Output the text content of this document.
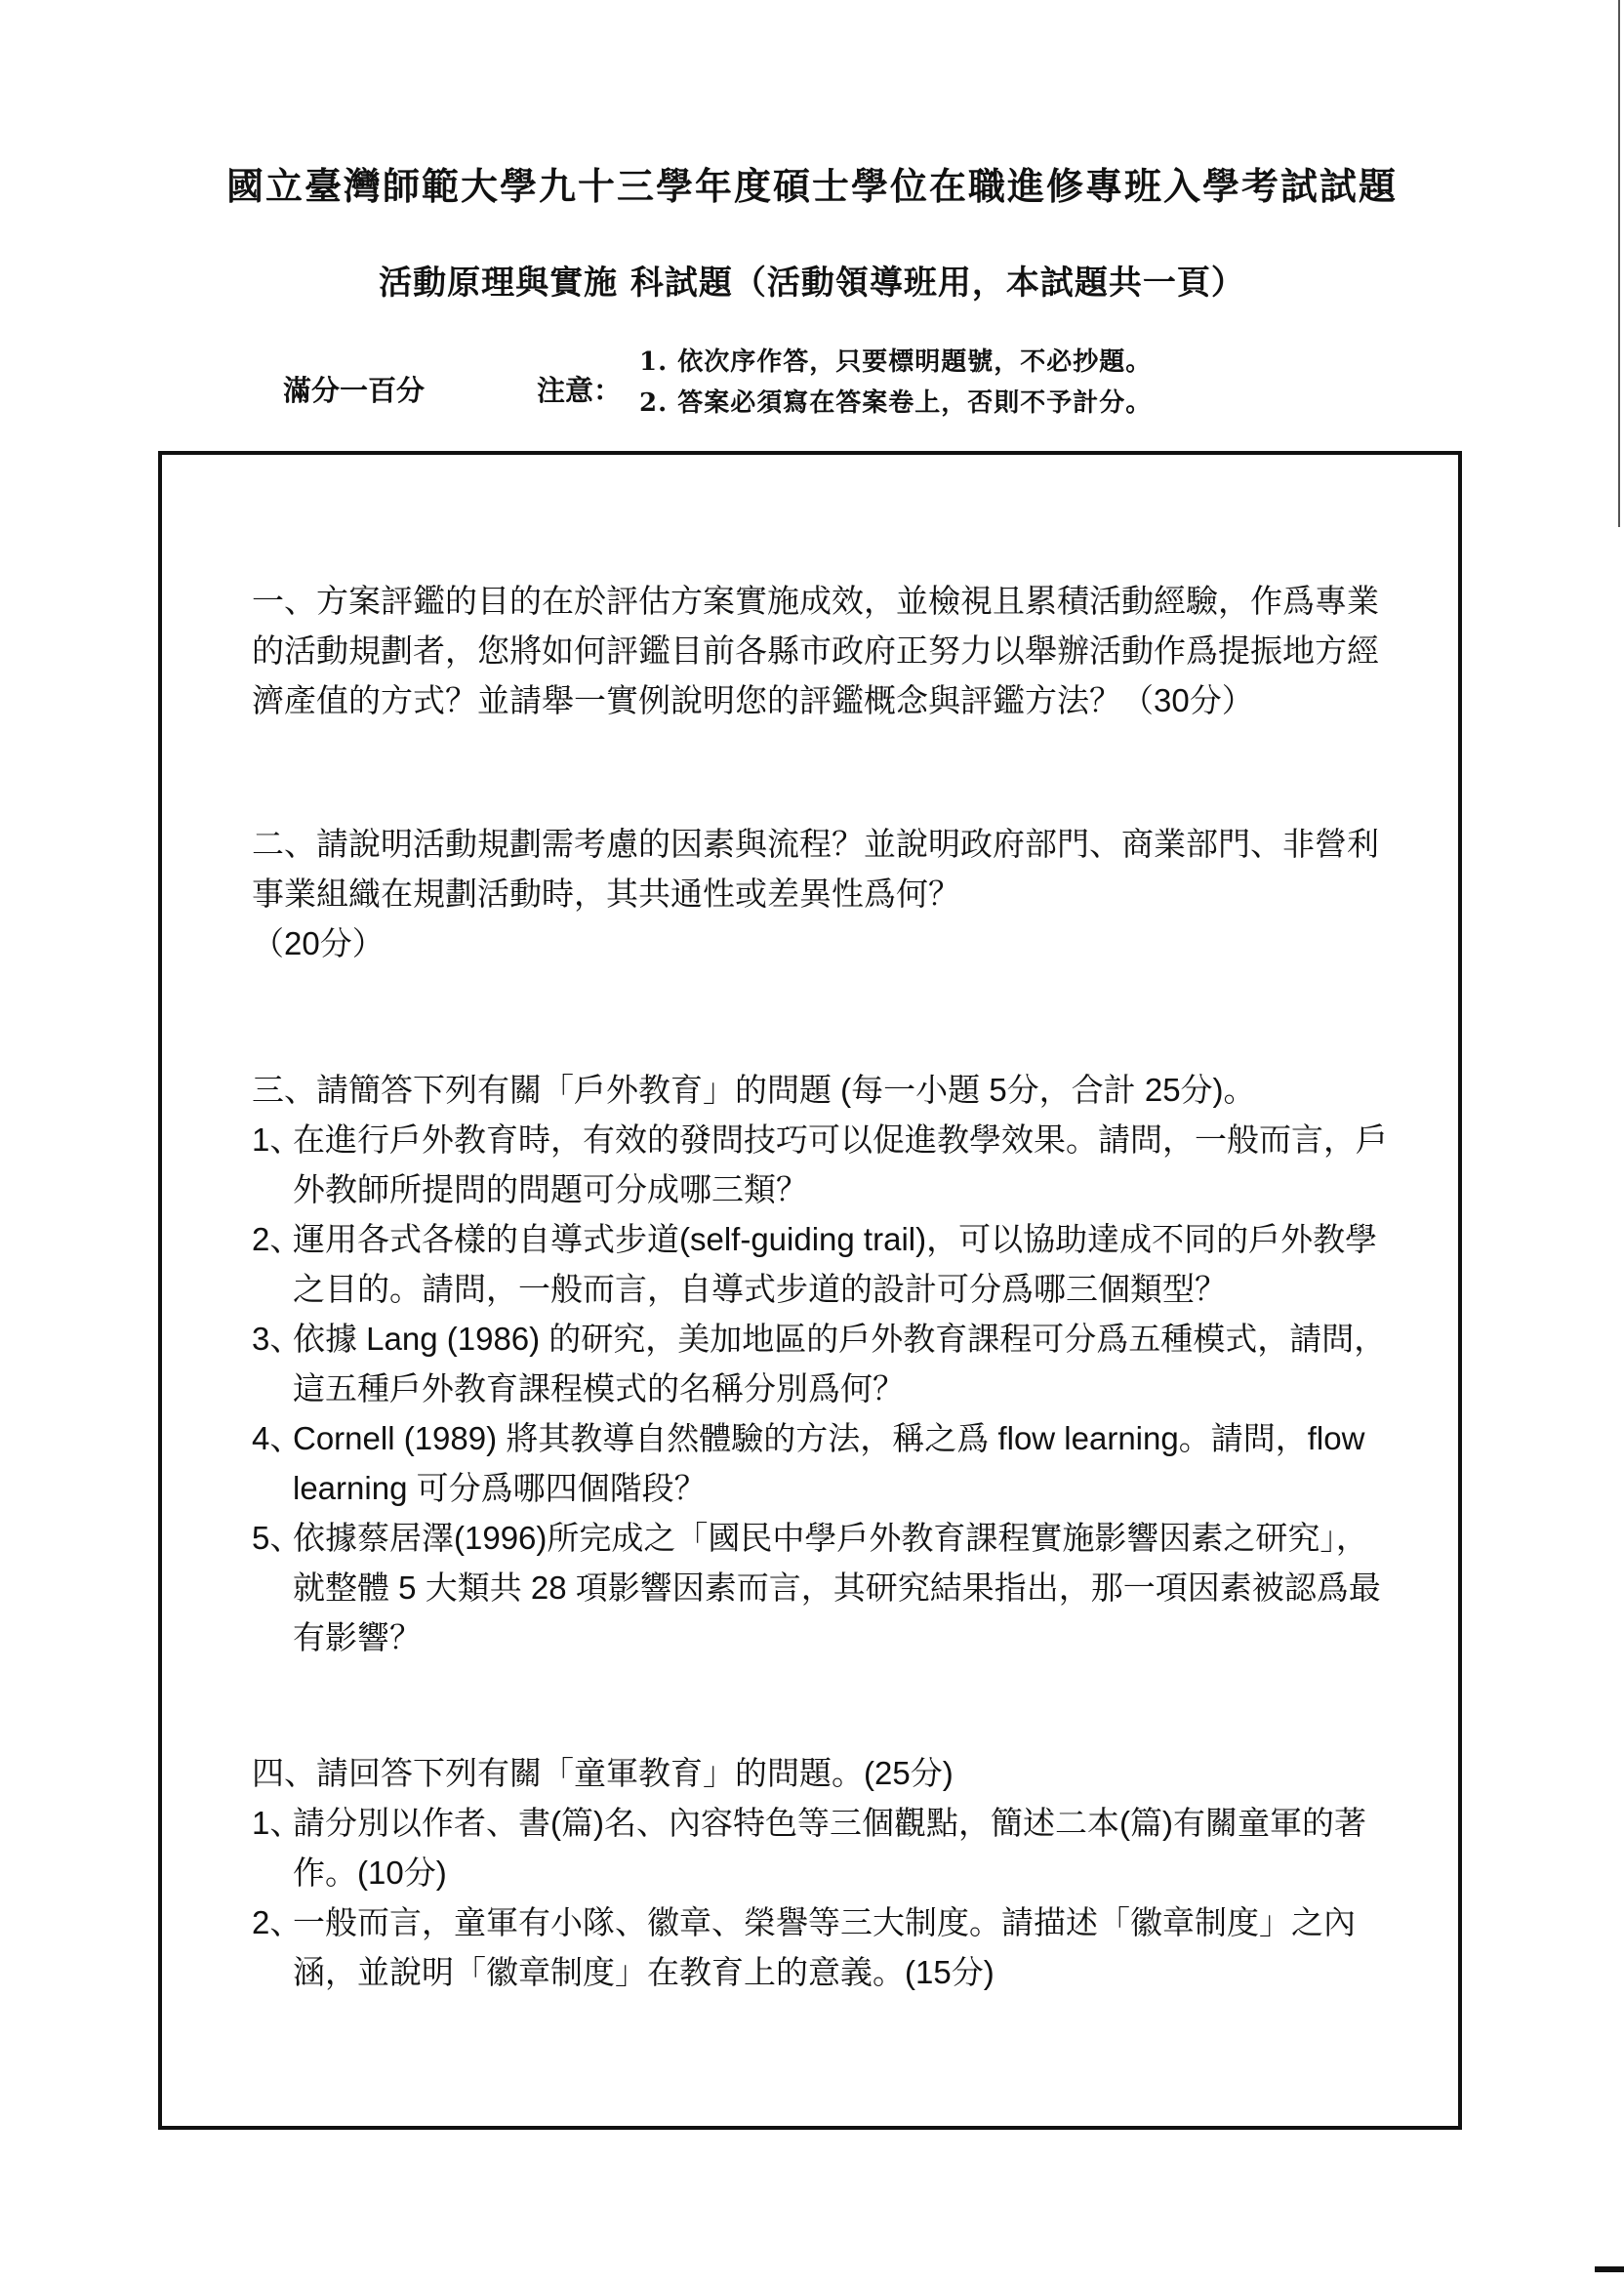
國立臺灣師範大學九十三學年度碩士學位在職進修專班入學考試試題
活動原理與實施 科試題（活動領導班用，本試題共一頁）
滿分一百分	注意：
1. 依次序作答，只要標明題號，不必抄題。
2. 答案必須寫在答案卷上，否則不予計分。
一、方案評鑑的目的在於評估方案實施成效，並檢視且累積活動經驗，作爲專業的活動規劃者，您將如何評鑑目前各縣市政府正努力以舉辦活動作爲提振地方經濟產值的方式？並請舉一實例說明您的評鑑概念與評鑑方法？（30分）
二、請說明活動規劃需考慮的因素與流程？並說明政府部門、商業部門、非營利事業組織在規劃活動時，其共通性或差異性爲何？
（20分）
三、請簡答下列有關「戶外教育」的問題 (每一小題 5分，合計 25分)。
1、
在進行戶外教育時，有效的發問技巧可以促進教學效果。請問，一般而言，戶外教師所提問的問題可分成哪三類？
2、
運用各式各樣的自導式步道(self-guiding trail)，可以協助達成不同的戶外教學之目的。請問，一般而言，自導式步道的設計可分爲哪三個類型？
3、
依據 Lang (1986) 的研究，美加地區的戶外教育課程可分爲五種模式，請問，這五種戶外教育課程模式的名稱分別爲何？
4、
Cornell (1989) 將其教導自然體驗的方法，稱之爲 flow learning。請問，flow learning 可分爲哪四個階段？
5、
依據蔡居澤(1996)所完成之「國民中學戶外教育課程實施影響因素之研究」，就整體 5 大類共 28 項影響因素而言，其研究結果指出，那一項因素被認爲最有影響？
四、請回答下列有關「童軍教育」的問題。(25分)
1、
請分別以作者、書(篇)名、內容特色等三個觀點，簡述二本(篇)有關童軍的著作。(10分)
2、
一般而言，童軍有小隊、徽章、榮譽等三大制度。請描述「徽章制度」之內涵，並說明「徽章制度」在教育上的意義。(15分)
